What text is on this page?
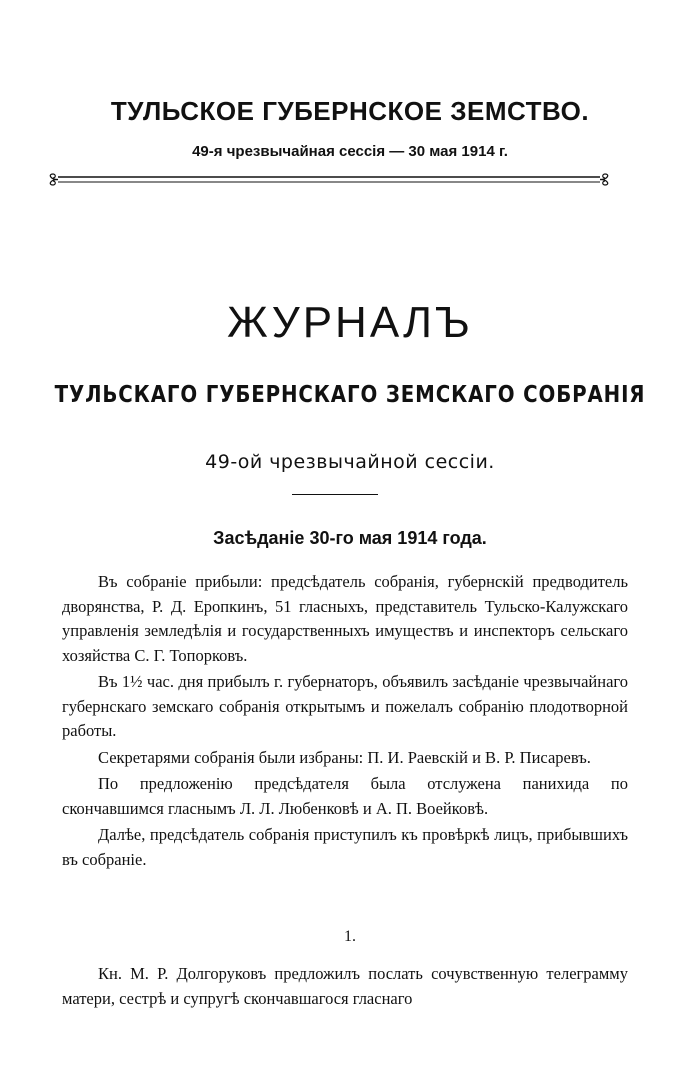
ТУЛЬСКОЕ ГУБЕРНСКОЕ ЗЕМСТВО.
49-я чрезвычайная сессія — 30 мая 1914 г.
ЖУРНАЛЪ
ТУЛЬСКАГО ГУБЕРНСКАГО ЗЕМСКАГО СОБРАНІЯ
49-ой чрезвычайной сессіи.
Засѣданіе 30-го мая 1914 года.

Въ собраніе прибыли: предсѣдатель собранія, губернскій предводитель дворянства, Р. Д. Еропкинъ, 51 гласныхъ, представитель Тульско-Калужскаго управленія земледѣлія и государственныхъ имуществъ и инспекторъ сельскаго хозяйства С. Г. Топорковъ.

Въ 1½ час. дня прибылъ г. губернаторъ, объявилъ засѣданіе чрезвычайнаго губернскаго земскаго собранія открытымъ и пожелалъ собранію плодотворной работы.

Секретарями собранія были избраны: П. И. Раевскій и В. Р. Писаревъ.

По предложенію предсѣдателя была отслужена панихида по скончавшимся гласнымъ Л. Л. Любенковѣ и А. П. Воейковѣ.

Далѣе, предсѣдатель собранія приступилъ къ провѣркѣ лицъ, прибывшихъ въ собраніе.

1.

Кн. М. Р. Долгоруковъ предложилъ послать сочувственную телеграмму матери, сестрѣ и супругѣ скончавшагося гласнаго
